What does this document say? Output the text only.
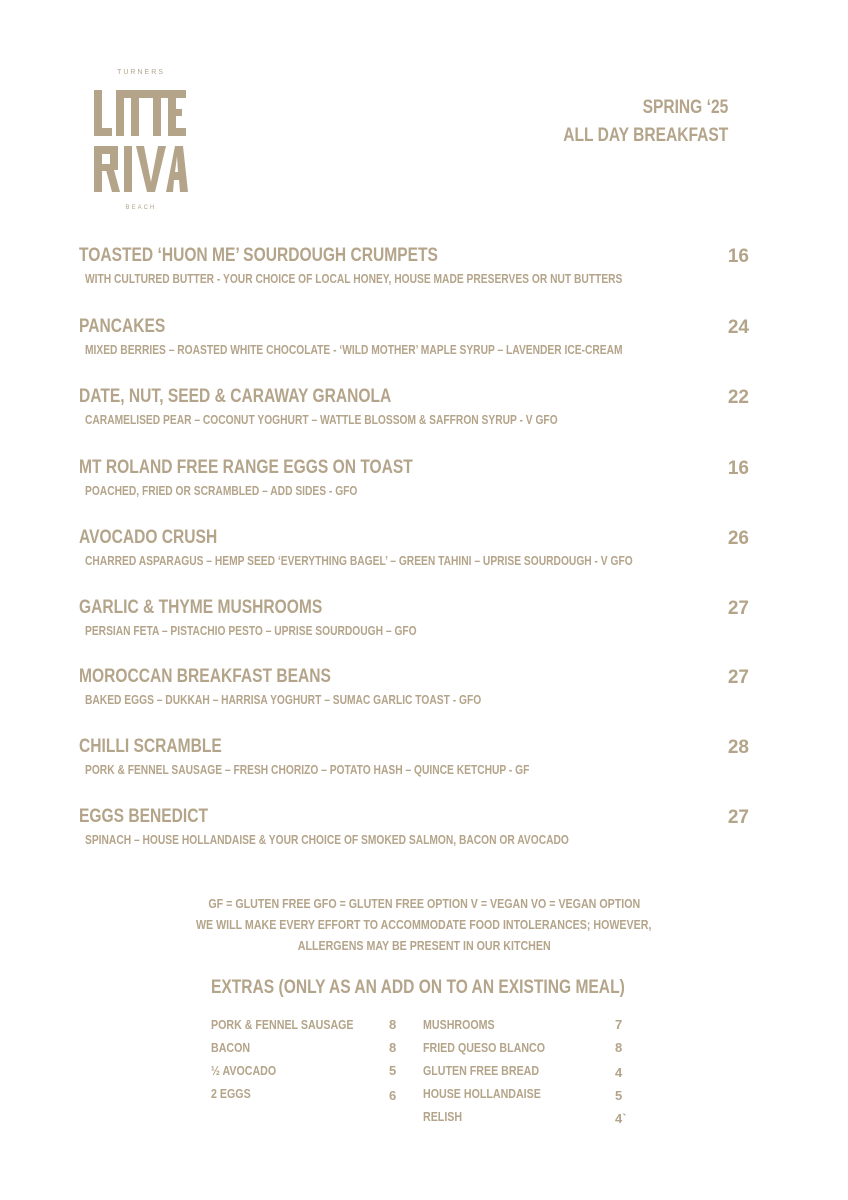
TURNERS
BEACH
SPRING ‘25
ALL DAY BREAKFAST
TOASTED ‘HUON ME’ SOURDOUGH CRUMPETS
WITH CULTURED BUTTER - YOUR CHOICE OF LOCAL HONEY, HOUSE MADE PRESERVES OR NUT BUTTERS
16
PANCAKES
MIXED BERRIES – ROASTED WHITE CHOCOLATE - ‘WILD MOTHER’ MAPLE SYRUP – LAVENDER ICE-CREAM
24
DATE, NUT, SEED & CARAWAY GRANOLA
CARAMELISED PEAR – COCONUT YOGHURT – WATTLE BLOSSOM & SAFFRON SYRUP - V GFO
22
MT ROLAND FREE RANGE EGGS ON TOAST
POACHED, FRIED OR SCRAMBLED – ADD SIDES - GFO
16
AVOCADO CRUSH
CHARRED ASPARAGUS – HEMP SEED ‘EVERYTHING BAGEL’ – GREEN TAHINI – UPRISE SOURDOUGH - V GFO
26
GARLIC & THYME MUSHROOMS
PERSIAN FETA – PISTACHIO PESTO – UPRISE SOURDOUGH – GFO
27
MOROCCAN BREAKFAST BEANS
BAKED EGGS – DUKKAH – HARRISA YOGHURT – SUMAC GARLIC TOAST - GFO
27
CHILLI SCRAMBLE
PORK & FENNEL SAUSAGE – FRESH CHORIZO – POTATO HASH – QUINCE KETCHUP - GF
28
EGGS BENEDICT
SPINACH – HOUSE HOLLANDAISE & YOUR CHOICE OF SMOKED SALMON, BACON OR AVOCADO
27
GF = GLUTEN FREE GFO = GLUTEN FREE OPTION V = VEGAN VO = VEGAN OPTION
WE WILL MAKE EVERY EFFORT TO ACCOMMODATE FOOD INTOLERANCES; HOWEVER,
ALLERGENS MAY BE PRESENT IN OUR KITCHEN
EXTRAS (ONLY AS AN ADD ON TO AN EXISTING MEAL)
PORK & FENNEL SAUSAGE	8
BACON	8
½ AVOCADO	5
2 EGGS	6
MUSHROOMS	7
FRIED QUESO BLANCO	8
GLUTEN FREE BREAD	4
HOUSE HOLLANDAISE	5
RELISH	4`
